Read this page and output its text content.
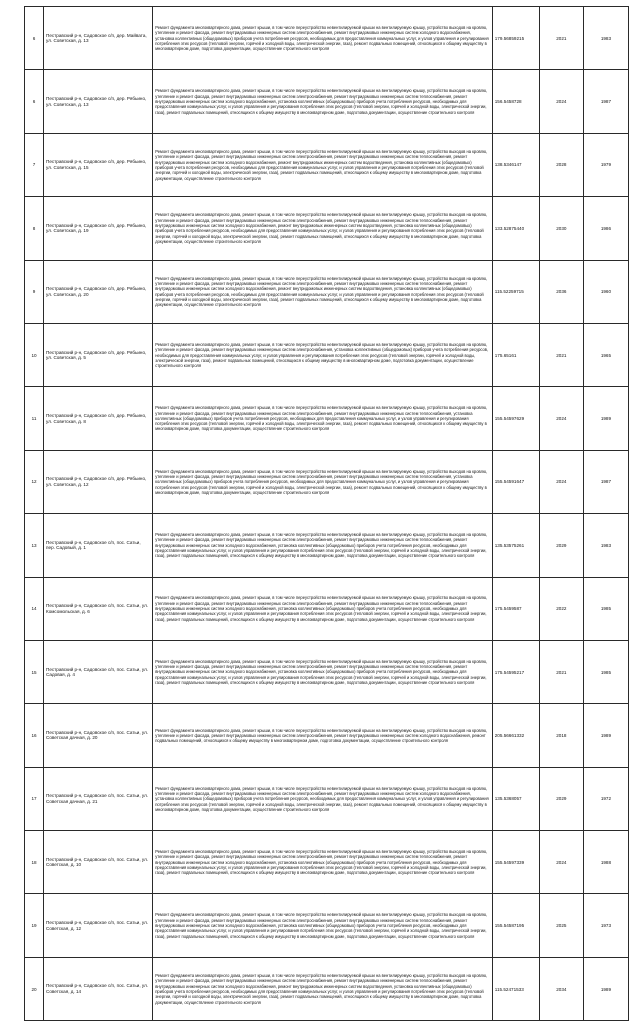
6	Пестравский р-н, Садовское с/п, дер. Майвата, ул. Советская, д. 13	Ремонт фундамента многоквартирного дома, ремонт крыши, в том числе переустройство невентилируемой крыши на вентилируемую крышу, устройство выходов на кровлю, утепление и ремонт фасада, ремонт внутридомовых инженерных систем электроснабжения, ремонт внутридомовых инженерных систем холодного водоснабжения, установка коллективных (общедомовых) приборов учета потребления ресурсов, необходимых для предоставления коммунальных услуг, и узлов управления и регулирования потребления этих ресурсов (тепловой энергии, горячей и холодной воды, электрической энергии, газа), ремонт подвальных помещений, относящихся к общему имуществу в многоквартирном доме, подготовка документации, осуществление строительного контроля	179.56859215	2021	1983
6	Пестравский р-н, Садовское с/п, дер. Рябьино, ул. Советская, д. 13	Ремонт фундамента многоквартирного дома, ремонт крыши, в том числе переустройство невентилируемой крыши на вентилируемую крышу, устройство выходов на кровлю, утепление и ремонт фасада, ремонт внутридомовых инженерных систем электроснабжения, ремонт внутридомовых инженерных систем теплоснабжения, ремонт внутридомовых инженерных систем холодного водоснабжения, установка коллективных (общедомовых) приборов учета потребления ресурсов, необходимых для предоставления коммунальных услуг, и узлов управления и регулирования потребления этих ресурсов (тепловой энергии, горячей и холодной воды, электрической энергии, газа), ремонт подвальных помещений, относящихся к общему имуществу в многоквартирном доме, подготовка документации, осуществление строительного контроля	156.5458728	2024	1987
7	Пестравский р-н, Садовское с/п, дер. Рябьино, ул. Советская, д. 15	Ремонт фундамента многоквартирного дома, ремонт крыши, в том числе переустройство невентилируемой крыши на вентилируемую крышу, устройство выходов на кровлю, утепление и ремонт фасада, ремонт внутридомовых инженерных систем электроснабжения, ремонт внутридомовых инженерных систем теплоснабжения, ремонт внутридомовых инженерных систем холодного водоснабжения, ремонт внутридомовых инженерных систем водоотведения, установка коллективных (общедомовых) приборов учета потребления ресурсов, необходимых для предоставления коммунальных услуг, и узлов управления и регулирования потребления этих ресурсов (тепловой энергии, горячей и холодной воды, электрической энергии, газа), ремонт подвальных помещений, относящихся к общему имуществу в многоквартирном доме, подготовка документации, осуществление строительного контроля	138.5346147	2028	1979
8	Пестравский р-н, Садовское с/п, дер. Рябьино, ул. Советская, д. 19	Ремонт фундамента многоквартирного дома, ремонт крыши, в том числе переустройство невентилируемой крыши на вентилируемую крышу, устройство выходов на кровлю, утепление и ремонт фасада, ремонт внутридомовых инженерных систем электроснабжения, ремонт внутридомовых инженерных систем теплоснабжения, ремонт внутридомовых инженерных систем холодного водоснабжения, ремонт внутридомовых инженерных систем водоотведения, установка коллективных (общедомовых) приборов учета потребления ресурсов, необходимых для предоставления коммунальных услуг, и узлов управления и регулирования потребления этих ресурсов (тепловой энергии, горячей и холодной воды, электрической энергии, газа), ремонт подвальных помещений, относящихся к общему имуществу в многоквартирном доме, подготовка документации, осуществление строительного контроля	133.52875440	2030	1986
9	Пестравский р-н, Садовское с/п, дер. Рябьино, ул. Советская, д. 20	Ремонт фундамента многоквартирного дома, ремонт крыши, в том числе переустройство невентилируемой крыши на вентилируемую крышу, устройство выходов на кровлю, утепление и ремонт фасада, ремонт внутридомовых инженерных систем электроснабжения, ремонт внутридомовых инженерных систем теплоснабжения, ремонт внутридомовых инженерных систем холодного водоснабжения, ремонт внутридомовых инженерных систем водоотведения, установка коллективных (общедомовых) приборов учета потребления ресурсов, необходимых для предоставления коммунальных услуг, и узлов управления и регулирования потребления этих ресурсов (тепловой энергии, горячей и холодной воды, электрической энергии, газа), ремонт подвальных помещений, относящихся к общему имуществу в многоквартирном доме, подготовка документации, осуществление строительного контроля	115.52259715	2036	1960
10	Пестравский р-н, Садовское с/п, дер. Рябьино, ул. Советская, д. 5	Ремонт фундамента многоквартирного дома, ремонт крыши, в том числе переустройство невентилируемой крыши на вентилируемую крышу, устройство выходов на кровлю, утепление и ремонт фасада, ремонт внутридомовых инженерных систем электроснабжения, установка коллективных (общедомовых) приборов учета потребления ресурсов, необходимых для предоставления коммунальных услуг, и узлов управления и регулирования потребления этих ресурсов (тепловой энергии, горячей и холодной воды, электрической энергии, газа), ремонт подвальных помещений, относящихся к общему имуществу в многоквартирном доме, подготовка документации, осуществление строительного контроля	175.65161	2021	1965
11	Пестравский р-н, Садовское с/п, дер. Рябьино, ул. Советская, д. 8	Ремонт фундамента многоквартирного дома, ремонт крыши, в том числе переустройство невентилируемой крыши на вентилируемую крышу, устройство выходов на кровлю, утепление и ремонт фасада, ремонт внутридомовых инженерных систем электроснабжения, ремонт внутридомовых инженерных систем теплоснабжения, установка коллективных (общедомовых) приборов учета потребления ресурсов, необходимых для предоставления коммунальных услуг, и узлов управления и регулирования потребления этих ресурсов (тепловой энергии, горячей и холодной воды, электрической энергии, газа), ремонт подвальных помещений, относящихся к общему имуществу в многоквартирном доме, подготовка документации, осуществление строительного контроля	155.54597629	2024	1989
12	Пестравский р-н, Садовское с/п, дер. Рябьино, ул. Советская, д. 12	Ремонт фундамента многоквартирного дома, ремонт крыши, в том числе переустройство невентилируемой крыши на вентилируемую крышу, устройство выходов на кровлю, утепление и ремонт фасада, ремонт внутридомовых инженерных систем электроснабжения, ремонт внутридомовых инженерных систем теплоснабжения, установка коллективных (общедомовых) приборов учета потребления ресурсов, необходимых для предоставления коммунальных услуг, и узлов управления и регулирования потребления этих ресурсов (тепловой энергии, горячей и холодной воды, электрической энергии, газа), ремонт подвальных помещений, относящихся к общему имуществу в многоквартирном доме, подготовка документации, осуществление строительного контроля	155.54591647	2024	1987
13	Пестравский р-н, Садовское с/п, пос. Сатьи, пер. Садовый, д. 1	Ремонт фундамента многоквартирного дома, ремонт крыши, в том числе переустройство невентилируемой крыши на вентилируемую крышу, устройство выходов на кровлю, утепление и ремонт фасада, ремонт внутридомовых инженерных систем электроснабжения, ремонт внутридомовых инженерных систем теплоснабжения, ремонт внутридомовых инженерных систем холодного водоснабжения, установка коллективных (общедомовых) приборов учета потребления ресурсов, необходимых для предоставления коммунальных услуг, и узлов управления и регулирования потребления этих ресурсов (тепловой энергии, горячей и холодной воды, электрической энергии, газа), ремонт подвальных помещений, относящихся к общему имуществу в многоквартирном доме, подготовка документации, осуществление строительного контроля	135.53575261	2029	1983
14	Пестравский р-н, Садовское с/п, пос. Сатьи, ул. Комсомольская, д. 6	Ремонт фундамента многоквартирного дома, ремонт крыши, в том числе переустройство невентилируемой крыши на вентилируемую крышу, устройство выходов на кровлю, утепление и ремонт фасада, ремонт внутридомовых инженерных систем электроснабжения, ремонт внутридомовых инженерных систем теплоснабжения, ремонт внутридомовых инженерных систем холодного водоснабжения, установка коллективных (общедомовых) приборов учета потребления ресурсов, необходимых для предоставления коммунальных услуг, и узлов управления и регулирования потребления этих ресурсов (тепловой энергии, горячей и холодной воды, электрической энергии, газа), ремонт подвальных помещений, относящихся к общему имуществу в многоквартирном доме, подготовка документации, осуществление строительного контроля	175.5459587	2022	1985
15	Пестравский р-н, Садовское с/п, пос. Сатьи, ул. Садовая, д. 4	Ремонт фундамента многоквартирного дома, ремонт крыши, в том числе переустройство невентилируемой крыши на вентилируемую крышу, устройство выходов на кровлю, утепление и ремонт фасада, ремонт внутридомовых инженерных систем электроснабжения, ремонт внутридомовых инженерных систем теплоснабжения, ремонт внутридомовых инженерных систем холодного водоснабжения, установка коллективных (общедомовых) приборов учета потребления ресурсов, необходимых для предоставления коммунальных услуг, и узлов управления и регулирования потребления этих ресурсов (тепловой энергии, горячей и холодной воды, электрической энергии, газа), ремонт подвальных помещений, относящихся к общему имуществу в многоквартирном доме, подготовка документации, осуществление строительного контроля	175.54595217	2021	1985
16	Пестравский р-н, Садовское с/п, пос. Сатьи, ул. Советская дачная, д. 20	Ремонт фундамента многоквартирного дома, ремонт крыши, в том числе переустройство невентилируемой крыши на вентилируемую крышу, устройство выходов на кровлю, утепление и ремонт фасада, ремонт внутридомовых инженерных систем электроснабжения, ремонт внутридомовых инженерных систем холодного водоснабжения, ремонт подвальных помещений, относящихся к общему имуществу в многоквартирном доме, подготовка документации, осуществление строительного контроля	205.56661332	2018	1989
17	Пестравский р-н, Садовское с/п, пос. Сатьи, ул. Советская дачная, д. 21	Ремонт фундамента многоквартирного дома, ремонт крыши, в том числе переустройство невентилируемой крыши на вентилируемую крышу, устройство выходов на кровлю, утепление и ремонт фасада, ремонт внутридомовых инженерных систем электроснабжения, ремонт внутридомовых инженерных систем холодного водоснабжения, установка коллективных (общедомовых) приборов учета потребления ресурсов, необходимых для предоставления коммунальных услуг, и узлов управления и регулирования потребления этих ресурсов (тепловой энергии, горячей и холодной воды, электрической энергии, газа), ремонт подвальных помещений, относящихся к общему имуществу в многоквартирном доме, подготовка документации, осуществление строительного контроля	135.5368057	2029	1972
18	Пестравский р-н, Садовское с/п, пос. Сатьи, ул. Советская, д. 10	Ремонт фундамента многоквартирного дома, ремонт крыши, в том числе переустройство невентилируемой крыши на вентилируемую крышу, устройство выходов на кровлю, утепление и ремонт фасада, ремонт внутридомовых инженерных систем электроснабжения, ремонт внутридомовых инженерных систем теплоснабжения, ремонт внутридомовых инженерных систем холодного водоснабжения, установка коллективных (общедомовых) приборов учета потребления ресурсов, необходимых для предоставления коммунальных услуг, и узлов управления и регулирования потребления этих ресурсов (тепловой энергии, горячей и холодной воды, электрической энергии, газа), ремонт подвальных помещений, относящихся к общему имуществу в многоквартирном доме, подготовка документации, осуществление строительного контроля	155.54597339	2024	1988
19	Пестравский р-н, Садовское с/п, пос. Сатьи, ул. Советская, д. 12	Ремонт фундамента многоквартирного дома, ремонт крыши, в том числе переустройство невентилируемой крыши на вентилируемую крышу, устройство выходов на кровлю, утепление и ремонт фасада, ремонт внутридомовых инженерных систем электроснабжения, ремонт внутридомовых инженерных систем теплоснабжения, ремонт внутридомовых инженерных систем холодного водоснабжения, установка коллективных (общедомовых) приборов учета потребления ресурсов, необходимых для предоставления коммунальных услуг, и узлов управления и регулирования потребления этих ресурсов (тепловой энергии, горячей и холодной воды, электрической энергии, газа), ремонт подвальных помещений, относящихся к общему имуществу в многоквартирном доме, подготовка документации, осуществление строительного контроля	155.54587195	2025	1973
20	Пестравский р-н, Садовское с/п, пос. Сатьи, ул. Советская, д. 14	Ремонт фундамента многоквартирного дома, ремонт крыши, в том числе переустройство невентилируемой крыши на вентилируемую крышу, устройство выходов на кровлю, утепление и ремонт фасада, ремонт внутридомовых инженерных систем электроснабжения, ремонт внутридомовых инженерных систем теплоснабжения, ремонт внутридомовых инженерных систем холодного водоснабжения, ремонт внутридомовых инженерных систем водоотведения, установка коллективных (общедомовых) приборов учета потребления ресурсов, необходимых для предоставления коммунальных услуг, и узлов управления и регулирования потребления этих ресурсов (тепловой энергии, горячей и холодной воды, электрической энергии, газа), ремонт подвальных помещений, относящихся к общему имуществу в многоквартирном доме, подготовка документации, осуществление строительного контроля	115.52471533	2034	1989
